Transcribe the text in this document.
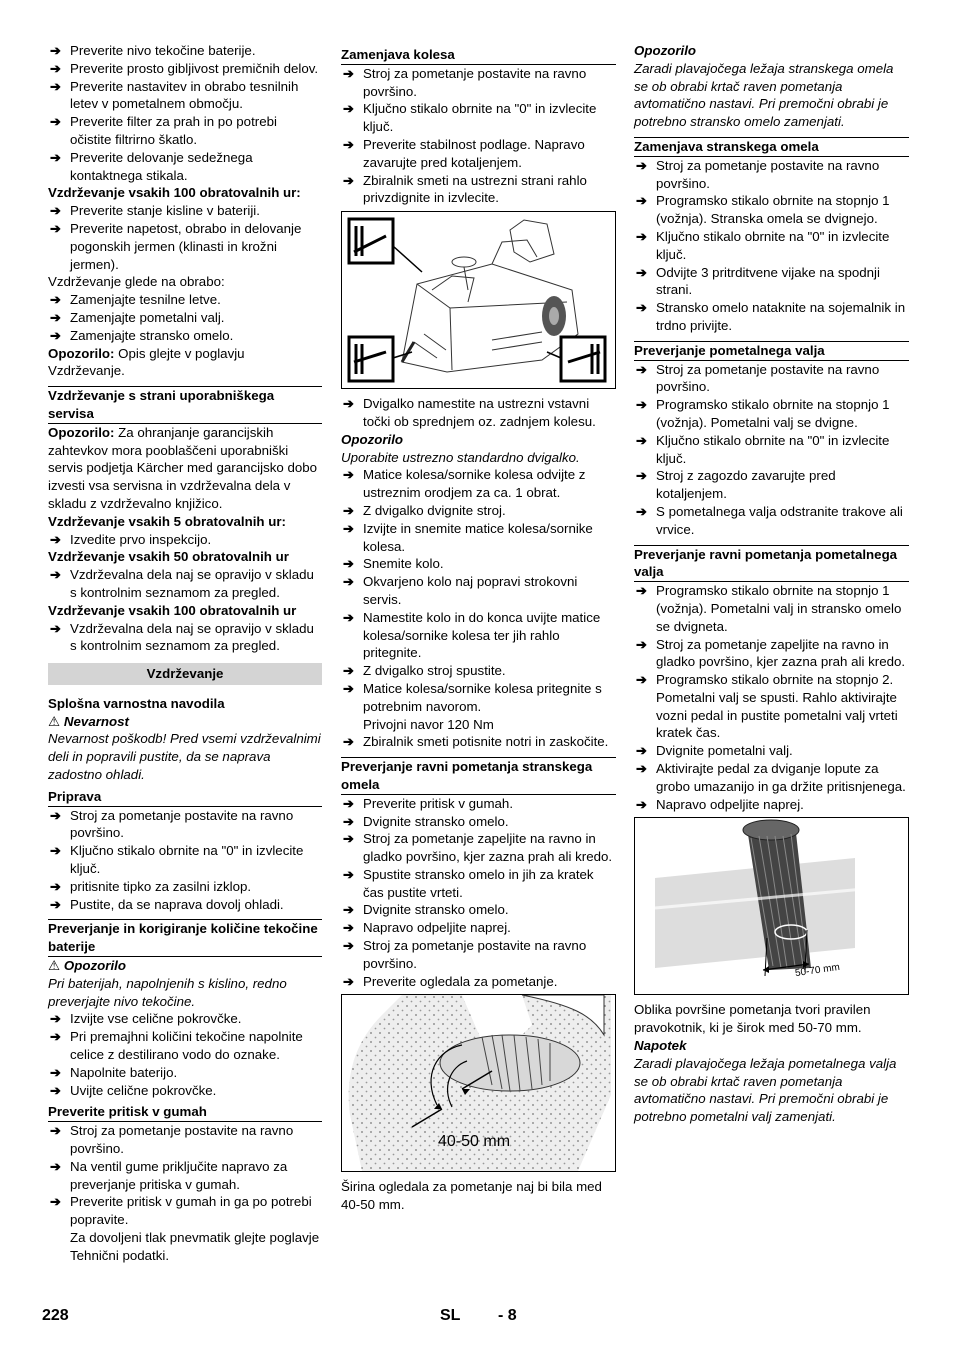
➔ Preverite nivo tekočine baterije.
➔ Preverite prosto gibljivost premičnih delov.
➔ Preverite nastavitev in obrabo tesnilnih letev v pometalnem območju.
➔ Preverite filter za prah in po potrebi očistite filtrirno škatlo.
➔ Preverite delovanje sedežnega kontaktnega stikala.
Vzdrževanje vsakih 100 obratovalnih ur:
➔ Preverite stanje kisline v bateriji.
➔ Preverite napetost, obrabo in delovanje pogonskih jermen (klinasti in krožni jermen).
Vzdrževanje glede na obrabo:
➔ Zamenjajte tesnilne letve.
➔ Zamenjajte pometalni valj.
➔ Zamenjajte stransko omelo.
Opozorilo: Opis glejte v poglavju Vzdrževanje.
Vzdrževanje s strani uporabniškega servisa
Opozorilo: Za ohranjanje garancijskih zahtevkov mora pooblaščeni uporabniški servis podjetja Kärcher med garancijsko dobo izvesti vsa servisna in vzdrževalna dela v skladu z vzdrževalno knjižico.
Vzdrževanje vsakih 5 obratovalnih ur:
➔ Izvedite prvo inspekcijo.
Vzdrževanje vsakih 50 obratovalnih ur
➔ Vzdrževalna dela naj se opravijo v skladu s kontrolnim seznamom za pregled.
Vzdrževanje vsakih 100 obratovalnih ur
➔ Vzdrževalna dela naj se opravijo v skladu s kontrolnim seznamom za pregled.
Vzdrževanje
Splošna varnostna navodila
⚠ Nevarnost
Nevarnost poškodb! Pred vsemi vzdrževalnimi deli in popravili pustite, da se naprava zadostno ohladi.
Priprava
➔ Stroj za pometanje postavite na ravno površino.
➔ Ključno stikalo obrnite na "0" in izvlecite ključ.
➔ pritisnite tipko za zasilni izklop.
➔ Pustite, da se naprava dovolj ohladi.
Preverjanje in korigiranje količine tekočine baterije
⚠ Opozorilo
Pri baterijah, napolnjenih s kislino, redno preverjajte nivo tekočine.
➔ Izvijte vse celične pokrovčke.
➔ Pri premajhni količini tekočine napolnite celice z destilirano vodo do oznake.
➔ Napolnite baterijo.
➔ Uvijte celične pokrovčke.
Preverite pritisk v gumah
➔ Stroj za pometanje postavite na ravno površino.
➔ Na ventil gume priključite napravo za preverjanje pritiska v gumah.
➔ Preverite pritisk v gumah in ga po potrebi popravite.
Za dovoljeni tlak pnevmatik glejte poglavje Tehnični podatki.
Zamenjava kolesa
➔ Stroj za pometanje postavite na ravno površino.
➔ Ključno stikalo obrnite na "0" in izvlecite ključ.
➔ Preverite stabilnost podlage. Napravo zavarujte pred kotaljenjem.
➔ Zbiralnik smeti na ustrezni strani rahlo privzdignite in izvlecite.
➔ Dvigalko namestite na ustrezni vstavni točki ob sprednjem oz. zadnjem kolesu.
Opozorilo
Uporabite ustrezno standardno dvigalko.
➔ Matice kolesa/sornike kolesa odvijte z ustreznim orodjem za ca. 1 obrat.
➔ Z dvigalko dvignite stroj.
➔ Izvijte in snemite matice kolesa/sornike kolesa.
➔ Snemite kolo.
➔ Okvarjeno kolo naj popravi strokovni servis.
➔ Namestite kolo in do konca uvijte matice kolesa/sornike kolesa ter jih rahlo pritegnite.
➔ Z dvigalko stroj spustite.
➔ Matice kolesa/sornike kolesa pritegnite s potrebnim navorom.
Privojni navor 120 Nm
➔ Zbiralnik smeti potisnite notri in zaskočite.
Preverjanje ravni pometanja stranskega omela
➔ Preverite pritisk v gumah.
➔ Dvignite stransko omelo.
➔ Stroj za pometanje zapeljite na ravno in gladko površino, kjer zazna prah ali kredo.
➔ Spustite stransko omelo in jih za kratek čas pustite vrteti.
➔ Dvignite stransko omelo.
➔ Napravo odpeljite naprej.
➔ Stroj za pometanje postavite na ravno površino.
➔ Preverite ogledala za pometanje.
40-50 mm
Širina ogledala za pometanje naj bi bila med 40-50 mm.
Opozorilo
Zaradi plavajočega ležaja stranskega omela se ob obrabi krtač raven pometanja avtomatično nastavi. Pri premočni obrabi je potrebno stransko omelo zamenjati.
Zamenjava stranskega omela
➔ Stroj za pometanje postavite na ravno površino.
➔ Programsko stikalo obrnite na stopnjo 1 (vožnja). Stranska omela se dvignejo.
➔ Ključno stikalo obrnite na "0" in izvlecite ključ.
➔ Odvijte 3 pritrditvene vijake na spodnji strani.
➔ Stransko omelo nataknite na sojemalnik in trdno privijte.
Preverjanje pometalnega valja
➔ Stroj za pometanje postavite na ravno površino.
➔ Programsko stikalo obrnite na stopnjo 1 (vožnja). Pometalni valj se dvigne.
➔ Ključno stikalo obrnite na "0" in izvlecite ključ.
➔ Stroj z zagozdo zavarujte pred kotaljenjem.
➔ S pometalnega valja odstranite trakove ali vrvice.
Preverjanje ravni pometanja pometalnega valja
➔ Programsko stikalo obrnite na stopnjo 1 (vožnja). Pometalni valj in stransko omelo se dvigneta.
➔ Stroj za pometanje zapeljite na ravno in gladko površino, kjer zazna prah ali kredo.
➔ Programsko stikalo obrnite na stopnjo 2. Pometalni valj se spusti. Rahlo aktivirajte vozni pedal in pustite pometalni valj vrteti kratek čas.
➔ Dvignite pometalni valj.
➔ Aktivirajte pedal za dviganje lopute za grobo umazanijo in ga držite pritisnjenega.
➔ Napravo odpeljite naprej.
50-70 mm
Oblika površine pometanja tvori pravilen pravokotnik, ki je širok med 50-70 mm.
Napotek
Zaradi plavajočega ležaja pometalnega valja se ob obrabi krtač raven pometanja avtomatično nastavi. Pri premočni obrabi je potrebno pometalni valj zamenjati.
228	SL - 8
